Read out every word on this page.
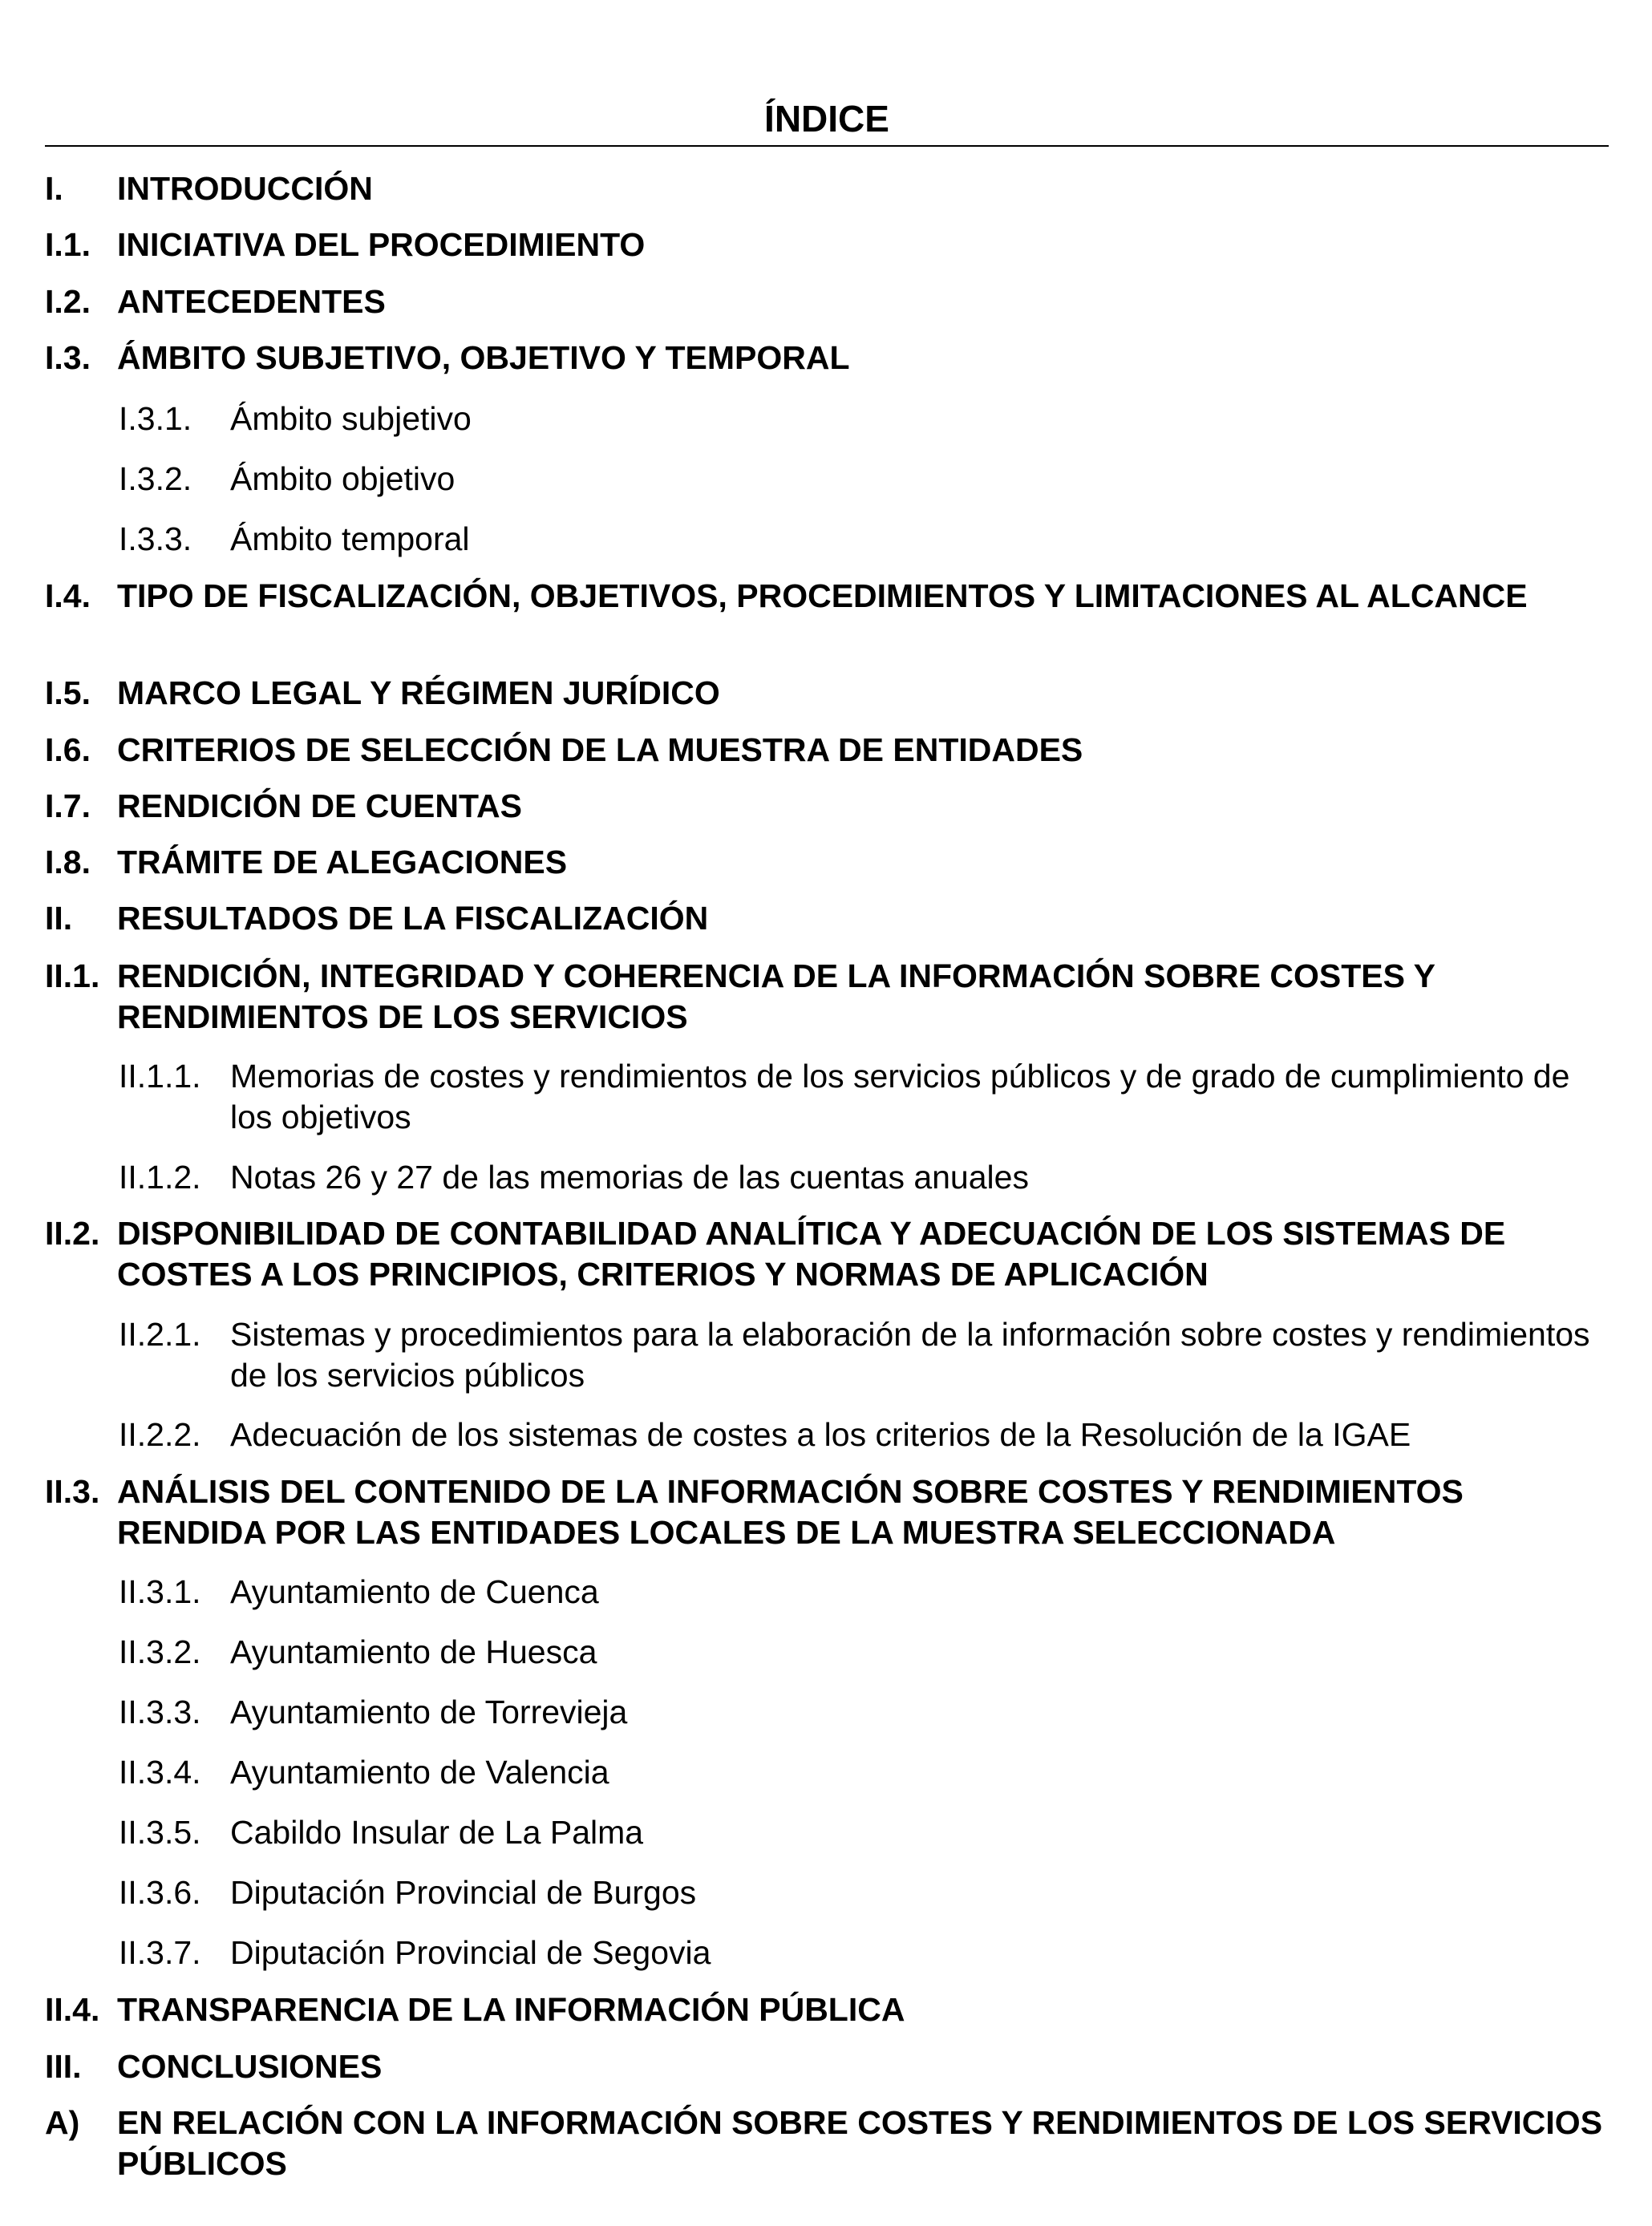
ÍNDICE
I.	INTRODUCCIÓN
I.1. INICIATIVA DEL PROCEDIMIENTO
I.2. ANTECEDENTES
I.3. ÁMBITO SUBJETIVO, OBJETIVO Y TEMPORAL
I.3.1.	Ámbito subjetivo
I.3.2.	Ámbito objetivo
I.3.3.	Ámbito temporal
I.4. TIPO DE FISCALIZACIÓN, OBJETIVOS, PROCEDIMIENTOS Y LIMITACIONES AL ALCANCE
I.5. MARCO LEGAL Y RÉGIMEN JURÍDICO
I.6. CRITERIOS DE SELECCIÓN DE LA MUESTRA DE ENTIDADES
I.7. RENDICIÓN DE CUENTAS
I.8. TRÁMITE DE ALEGACIONES
II.	RESULTADOS DE LA FISCALIZACIÓN
II.1. RENDICIÓN, INTEGRIDAD Y COHERENCIA DE LA INFORMACIÓN SOBRE COSTES Y RENDIMIENTOS DE LOS SERVICIOS
II.1.1. Memorias de costes y rendimientos de los servicios públicos y de grado de cumplimiento de los objetivos
II.1.2. Notas 26 y 27 de las memorias de las cuentas anuales
II.2. DISPONIBILIDAD DE CONTABILIDAD ANALÍTICA Y ADECUACIÓN DE LOS SISTEMAS DE COSTES A LOS PRINCIPIOS, CRITERIOS Y NORMAS DE APLICACIÓN
II.2.1. Sistemas y procedimientos para la elaboración de la información sobre costes y rendimientos de los servicios públicos
II.2.2. Adecuación de los sistemas de costes a los criterios de la Resolución de la IGAE
II.3. ANÁLISIS DEL CONTENIDO DE LA INFORMACIÓN SOBRE COSTES Y RENDIMIENTOS RENDIDA POR LAS ENTIDADES LOCALES DE LA MUESTRA SELECCIONADA
II.3.1. Ayuntamiento de Cuenca
II.3.2. Ayuntamiento de Huesca
II.3.3. Ayuntamiento de Torrevieja
II.3.4. Ayuntamiento de Valencia
II.3.5. Cabildo Insular de La Palma
II.3.6. Diputación Provincial de Burgos
II.3.7. Diputación Provincial de Segovia
II.4. TRANSPARENCIA DE LA INFORMACIÓN PÚBLICA
III.	CONCLUSIONES
A)	EN RELACIÓN CON LA INFORMACIÓN SOBRE COSTES Y RENDIMIENTOS DE LOS SERVICIOS PÚBLICOS
